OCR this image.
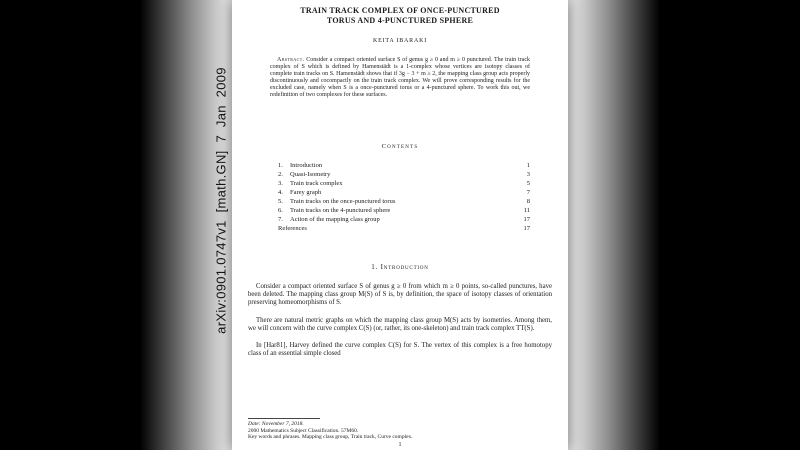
arXiv:0901.0747v1 [math.GN] 7 Jan 2009
TRAIN TRACK COMPLEX OF ONCE-PUNCTURED
TORUS AND 4-PUNCTURED SPHERE
KEITA IBARAKI

Abstract. Consider a compact oriented surface S of genus g ≥ 0 and m ≥ 0 punctured. The train track complex of S which is defined by Hamenstädt is a 1-complex whose vertices are isotopy classes of complete train tracks on S. Hamenstädt shows that if 3g − 3 + m ≥ 2, the mapping class group acts properly discontinuously and cocompactly on the train track complex. We will prove corresponding results for the excluded case, namely when S is a once-punctured torus or a 4-punctured sphere. To work this out, we redefinition of two complexes for these surfaces.

Contents
1.	Introduction	1
2.	Quasi-Isometry	3
3.	Train track complex	5
4.	Farey graph	7
5.	Train tracks on the once-punctured torus	8
6.	Train tracks on the 4-punctured sphere	11
7.	Action of the mapping class group	17
References	17
1. Introduction

Consider a compact oriented surface S of genus g ≥ 0 from which m ≥ 0 points, so-called punctures, have been deleted. The mapping class group M(S) of S is, by definition, the space of isotopy classes of orientation preserving homeomorphisms of S.

There are natural metric graphs on which the mapping class group M(S) acts by isometries. Among them, we will concern with the curve complex C(S) (or, rather, its one-skeleton) and train track complex TT(S).

In [Har81], Harvey defined the curve complex C(S) for S. The vertex of this complex is a free homotopy class of an essential simple closed

Date: November 7, 2018.
2000 Mathematics Subject Classification. 57M60.
Key words and phrases. Mapping class group, Train track, Curve complex.
1
